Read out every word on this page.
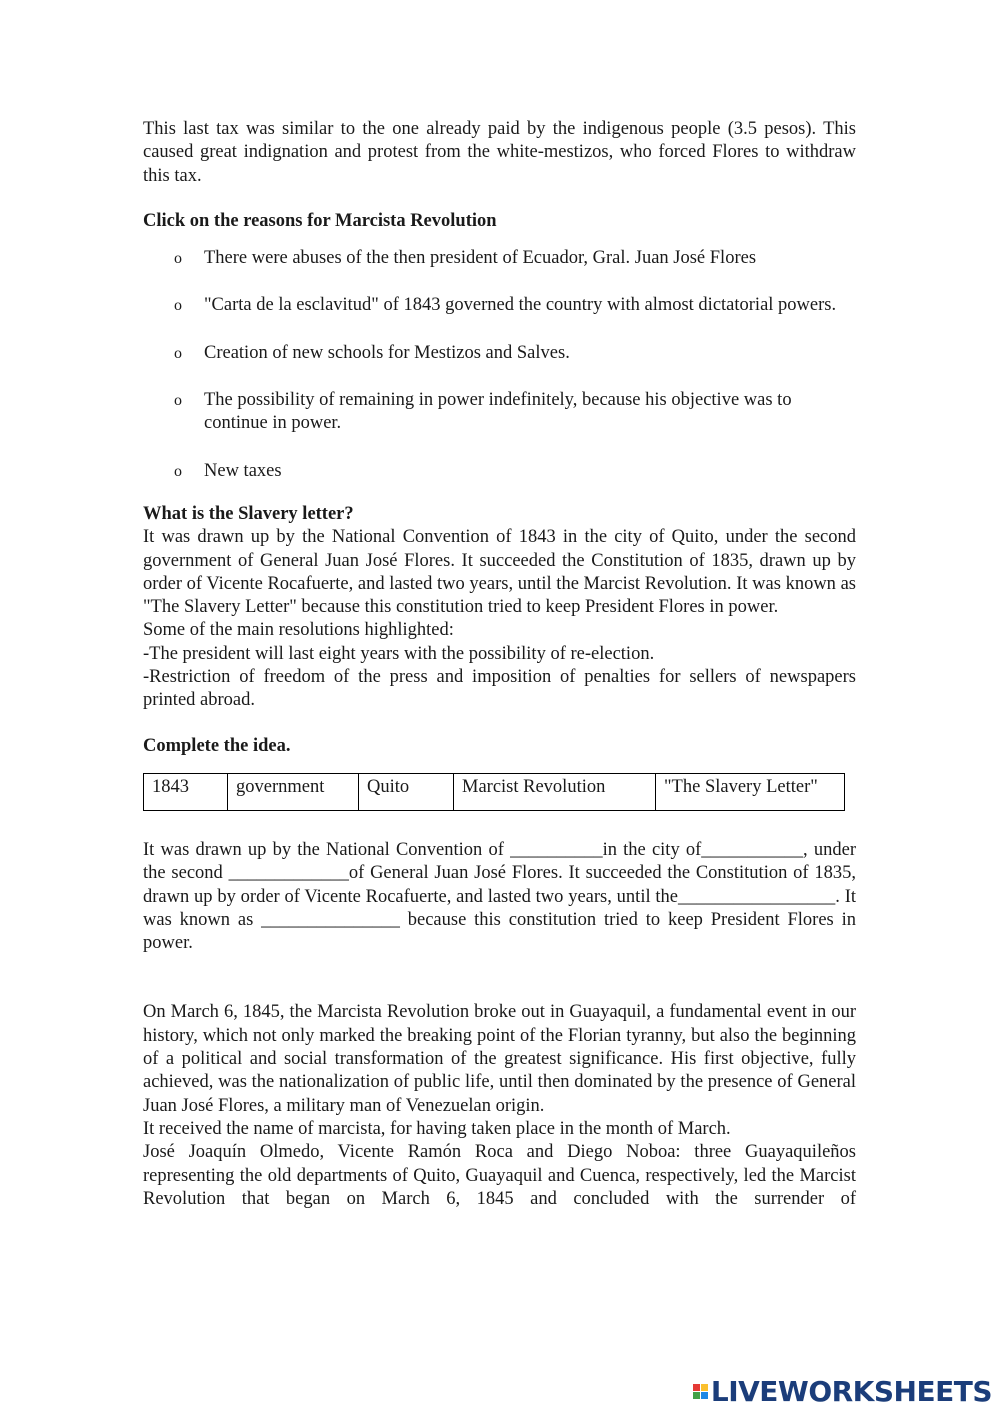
This last tax was similar to the one already paid by the indigenous people (3.5 pesos). This caused great indignation and protest from the white-mestizos, who forced Flores to withdraw this tax.

Click on the reasons for Marcista Revolution

o	There were abuses of the then president of Ecuador, Gral. Juan José Flores
o	"Carta de la esclavitud" of 1843 governed the country with almost dictatorial powers.
o	Creation of new schools for Mestizos and Salves.
o	The possibility of remaining in power indefinitely, because his objective was to continue in power.
o	New taxes

What is the Slavery letter?

It was drawn up by the National Convention of 1843 in the city of Quito, under the second government of General Juan José Flores. It succeeded the Constitution of 1835, drawn up by order of Vicente Rocafuerte, and lasted two years, until the Marcist Revolution. It was known as "The Slavery Letter" because this constitution tried to keep President Flores in power.

Some of the main resolutions highlighted:

-The president will last eight years with the possibility of re-election.

-Restriction of freedom of the press and imposition of penalties for sellers of newspapers printed abroad.

Complete the idea.

1843	government	Quito	Marcist Revolution	"The Slavery Letter"

It was drawn up by the National Convention of __________in the city of___________, under the second _____________of General Juan José Flores. It succeeded the Constitution of 1835, drawn up by order of Vicente Rocafuerte, and lasted two years, until the_________________. It was known as _______________ because this constitution tried to keep President Flores in power.

On March 6, 1845, the Marcista Revolution broke out in Guayaquil, a fundamental event in our history, which not only marked the breaking point of the Florian tyranny, but also the beginning of a political and social transformation of the greatest significance. His first objective, fully achieved, was the nationalization of public life, until then dominated by the presence of General Juan José Flores, a military man of Venezuelan origin.

It received the name of marcista, for having taken place in the month of March.

José Joaquín Olmedo, Vicente Ramón Roca and Diego Noboa: three Guayaquileños representing the old departments of Quito, Guayaquil and Cuenca, respectively, led the Marcist Revolution that began on March 6, 1845 and concluded with the surrender of

LIVEWORKSHEETS
